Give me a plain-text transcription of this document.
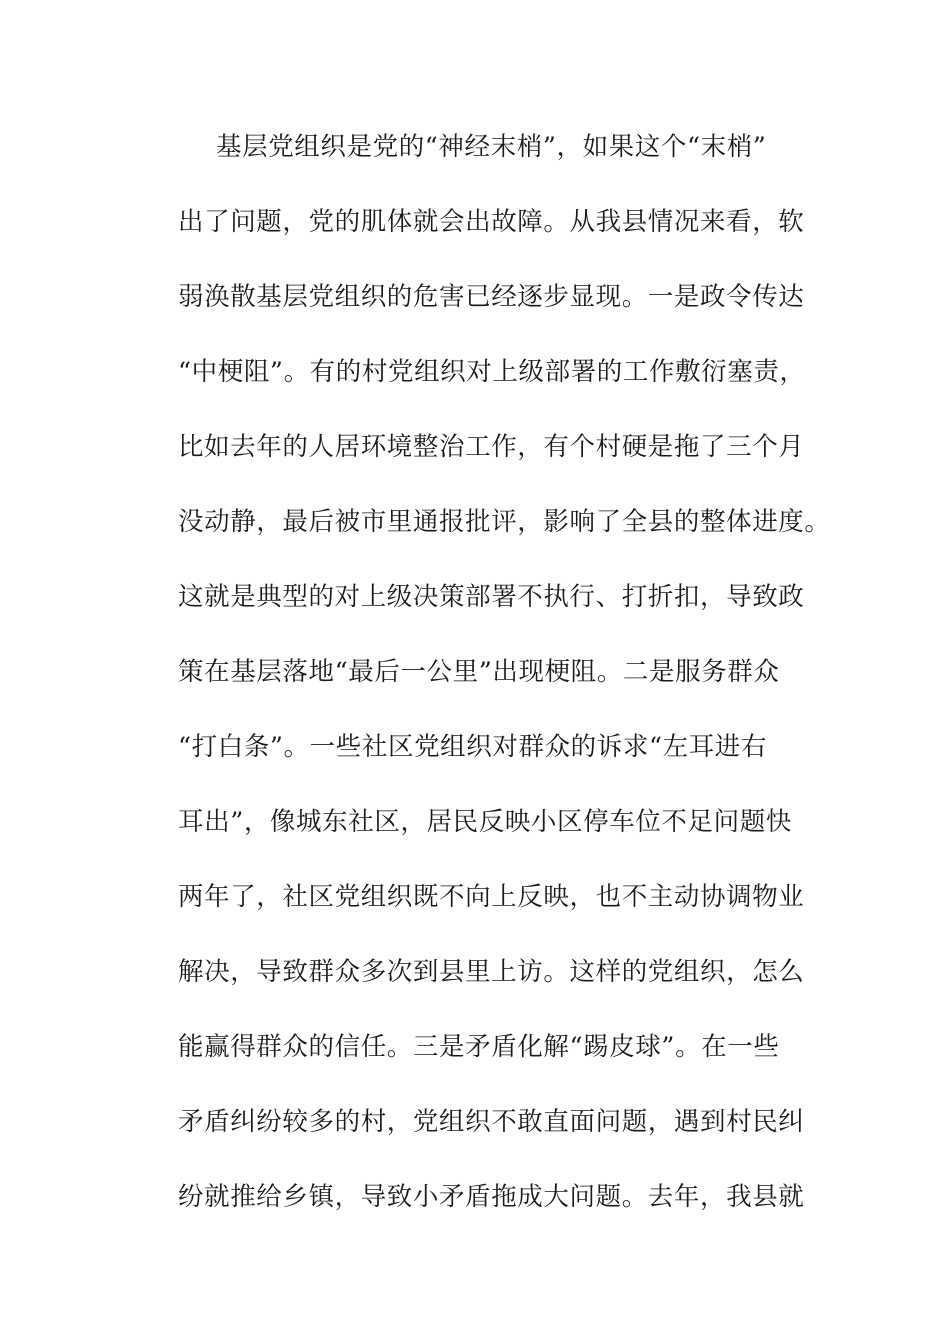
基层党组织是党的“神经末梢”，如果这个“末梢”
出了问题，党的肌体就会出故障。从我县情况来看，软
弱涣散基层党组织的危害已经逐步显现。一是政令传达
“中梗阻”。有的村党组织对上级部署的工作敷衍塞责，
比如去年的人居环境整治工作，有个村硬是拖了三个月
没动静，最后被市里通报批评，影响了全县的整体进度。
这就是典型的对上级决策部署不执行、打折扣，导致政
策在基层落地“最后一公里”出现梗阻。二是服务群众
“打白条”。一些社区党组织对群众的诉求“左耳进右
耳出”，像城东社区，居民反映小区停车位不足问题快
两年了，社区党组织既不向上反映，也不主动协调物业
解决，导致群众多次到县里上访。这样的党组织，怎么
能赢得群众的信任。三是矛盾化解“踢皮球”。在一些
矛盾纠纷较多的村，党组织不敢直面问题，遇到村民纠
纷就推给乡镇，导致小矛盾拖成大问题。去年，我县就
